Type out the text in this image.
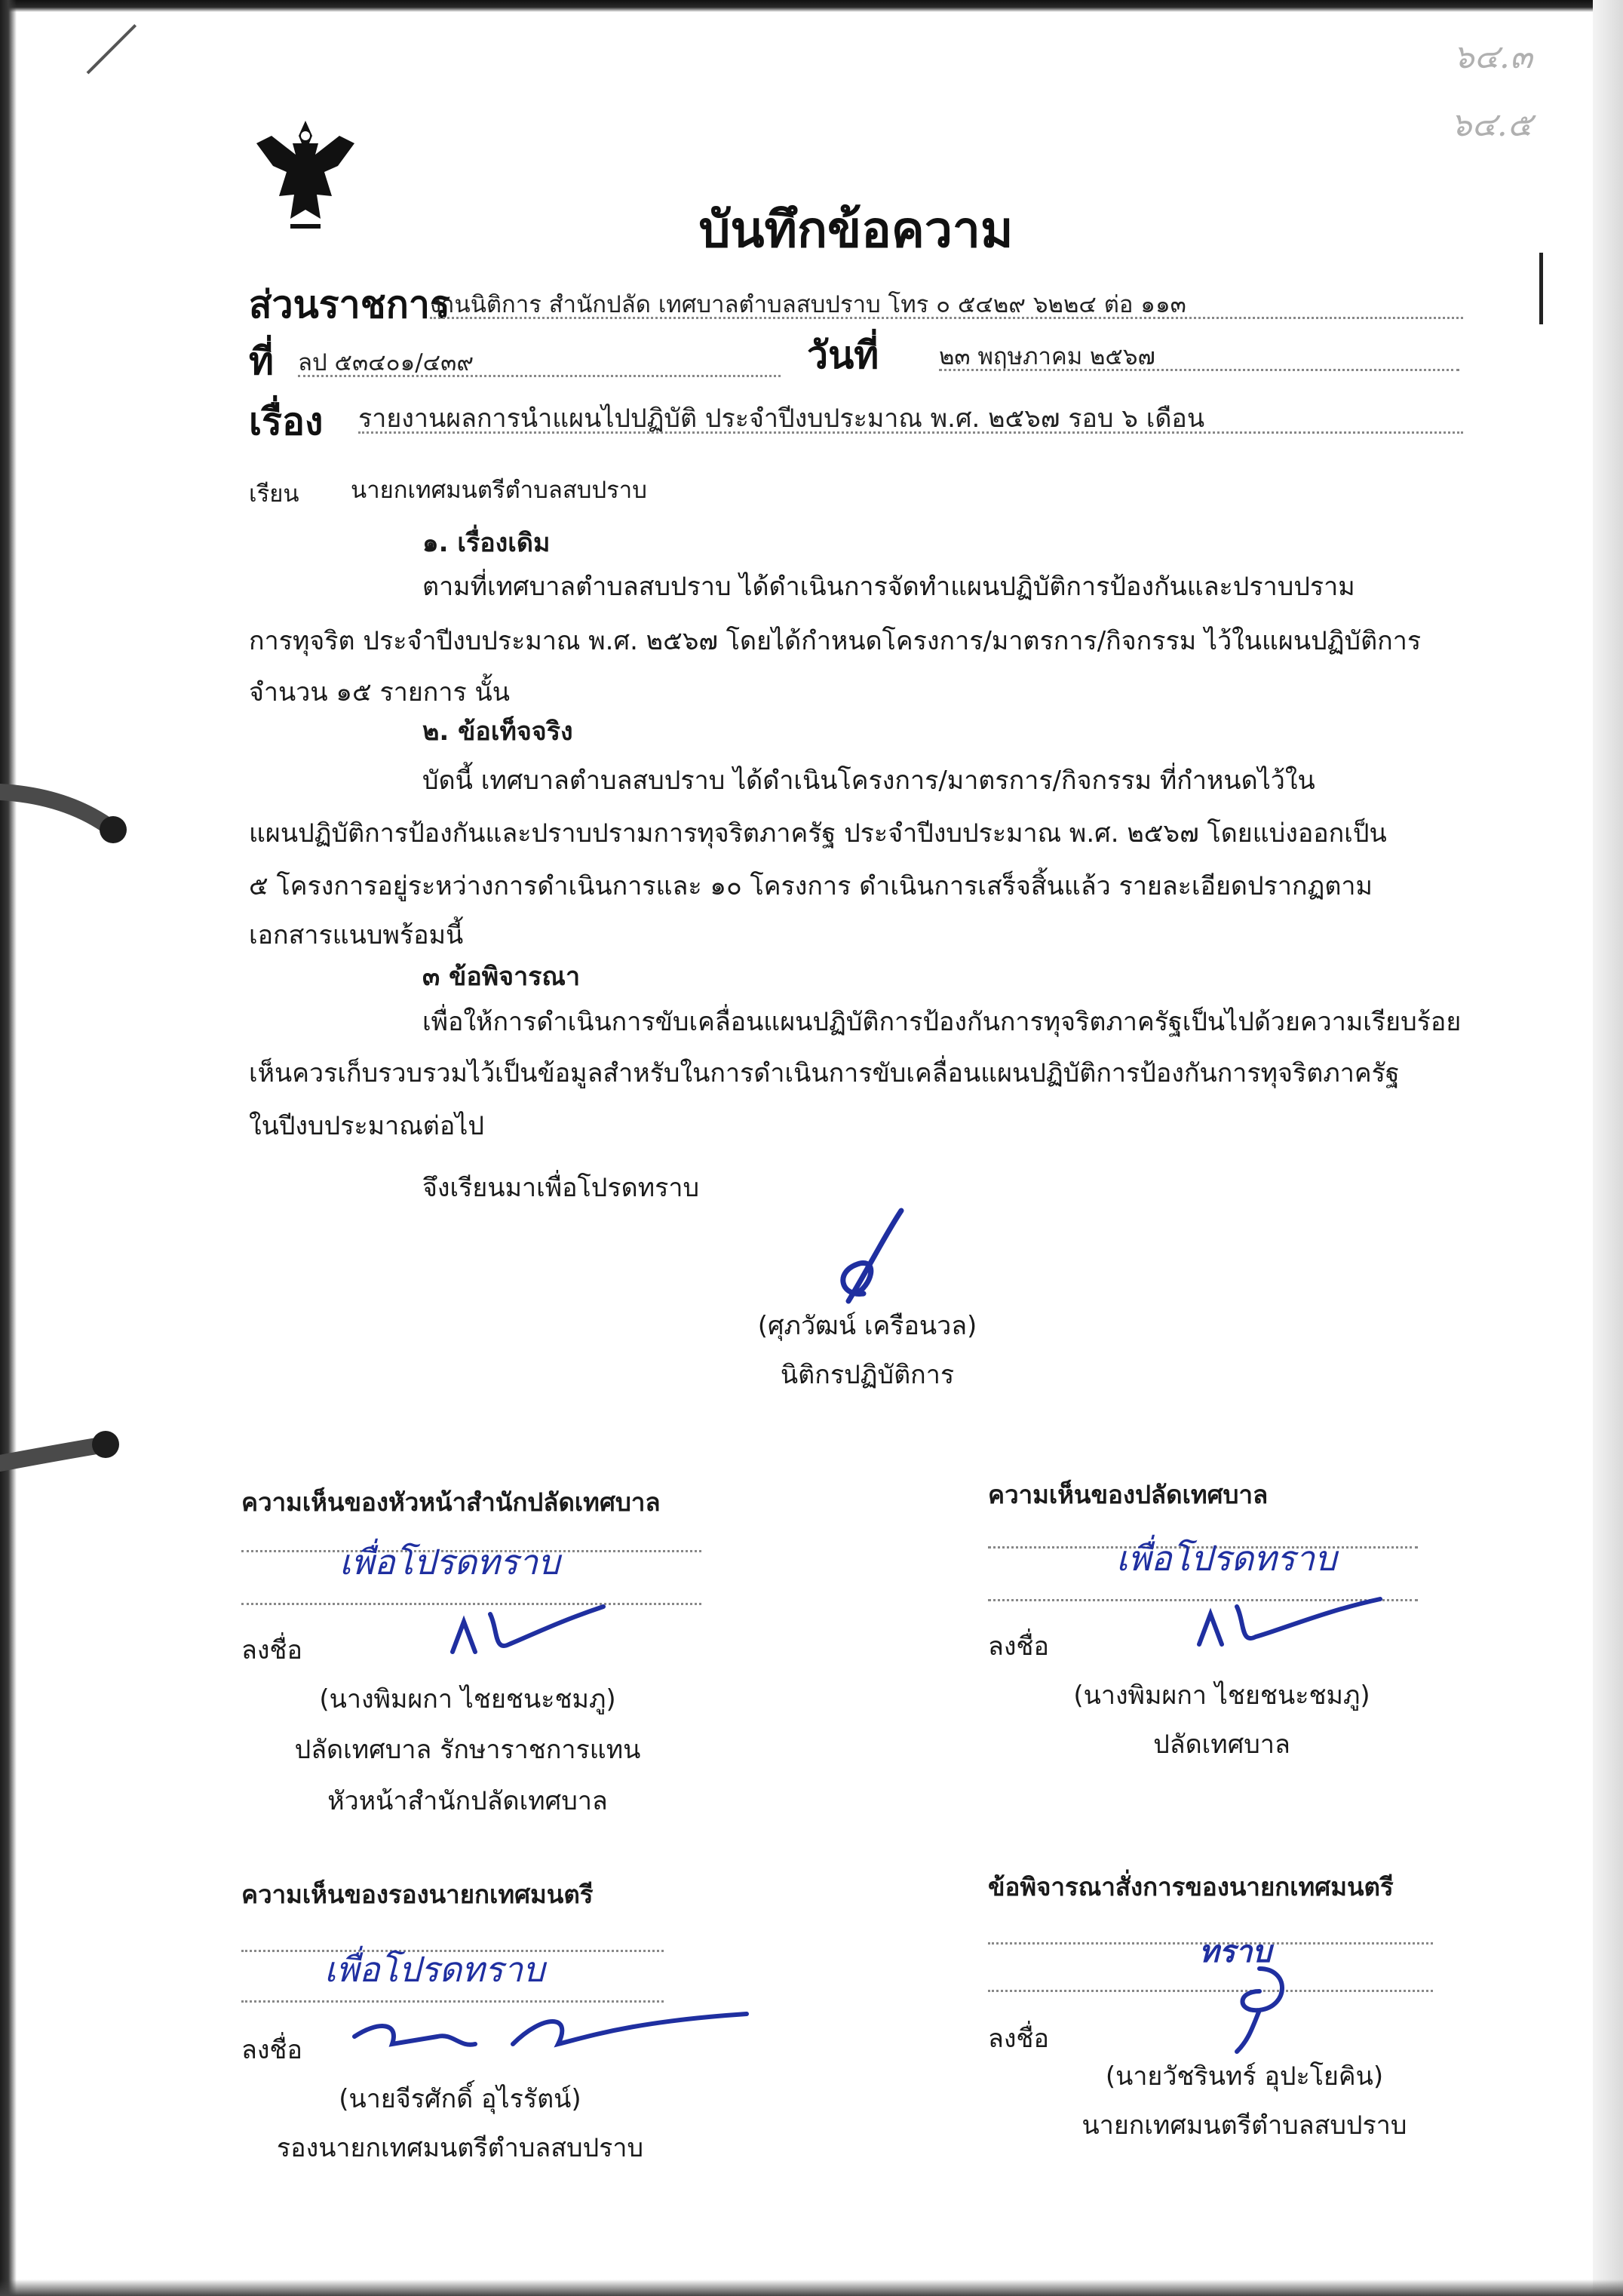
๖๔.๓
๖๔.๕
บันทึกข้อความ
ส่วนราชการ
งานนิติการ สำนักปลัด เทศบาลตำบลสบปราบ โทร ๐ ๕๔๒๙ ๖๒๒๔ ต่อ ๑๑๓
ที่ ลป ๕๓๔๐๑/๔๓๙	วันที่	๒๓ พฤษภาคม ๒๕๖๗
เรื่อง รายงานผลการนำแผนไปปฏิบัติ ประจำปีงบประมาณ พ.ศ. ๒๕๖๗ รอบ ๖ เดือน
เรียน นายกเทศมนตรีตำบลสบปราบ
๑. เรื่องเดิม
ตามที่เทศบาลตำบลสบปราบ ได้ดำเนินการจัดทำแผนปฏิบัติการป้องกันและปราบปราม
การทุจริต ประจำปีงบประมาณ พ.ศ. ๒๕๖๗ โดยได้กำหนดโครงการ/มาตรการ/กิจกรรม ไว้ในแผนปฏิบัติการ
จำนวน ๑๕ รายการ นั้น
๒. ข้อเท็จจริง
บัดนี้ เทศบาลตำบลสบปราบ ได้ดำเนินโครงการ/มาตรการ/กิจกรรม ที่กำหนดไว้ใน
แผนปฏิบัติการป้องกันและปราบปรามการทุจริตภาครัฐ ประจำปีงบประมาณ พ.ศ. ๒๕๖๗ โดยแบ่งออกเป็น
๕ โครงการอยู่ระหว่างการดำเนินการและ ๑๐ โครงการ ดำเนินการเสร็จสิ้นแล้ว รายละเอียดปรากฏตาม
เอกสารแนบพร้อมนี้
๓ ข้อพิจารณา
เพื่อให้การดำเนินการขับเคลื่อนแผนปฏิบัติการป้องกันการทุจริตภาครัฐเป็นไปด้วยความเรียบร้อย
เห็นควรเก็บรวบรวมไว้เป็นข้อมูลสำหรับในการดำเนินการขับเคลื่อนแผนปฏิบัติการป้องกันการทุจริตภาครัฐ
ในปีงบประมาณต่อไป
จึงเรียนมาเพื่อโปรดทราบ
(ศุภวัฒน์ เครือนวล)
นิติกรปฏิบัติการ
ความเห็นของหัวหน้าสำนักปลัดเทศบาล
เพื่อโปรดทราบ
ลงชื่อ
(นางพิมผกา ไชยชนะชมภู)
ปลัดเทศบาล รักษาราชการแทน
หัวหน้าสำนักปลัดเทศบาล
ความเห็นของปลัดเทศบาล
เพื่อโปรดทราบ
ลงชื่อ
(นางพิมผกา ไชยชนะชมภู)
ปลัดเทศบาล
ความเห็นของรองนายกเทศมนตรี
เพื่อโปรดทราบ
ลงชื่อ
(นายจีรศักดิ์ อุไรรัตน์)
รองนายกเทศมนตรีตำบลสบปราบ
ข้อพิจารณาสั่งการของนายกเทศมนตรี
ทราบ
ลงชื่อ
(นายวัชรินทร์ อุปะโยคิน)
นายกเทศมนตรีตำบลสบปราบ
